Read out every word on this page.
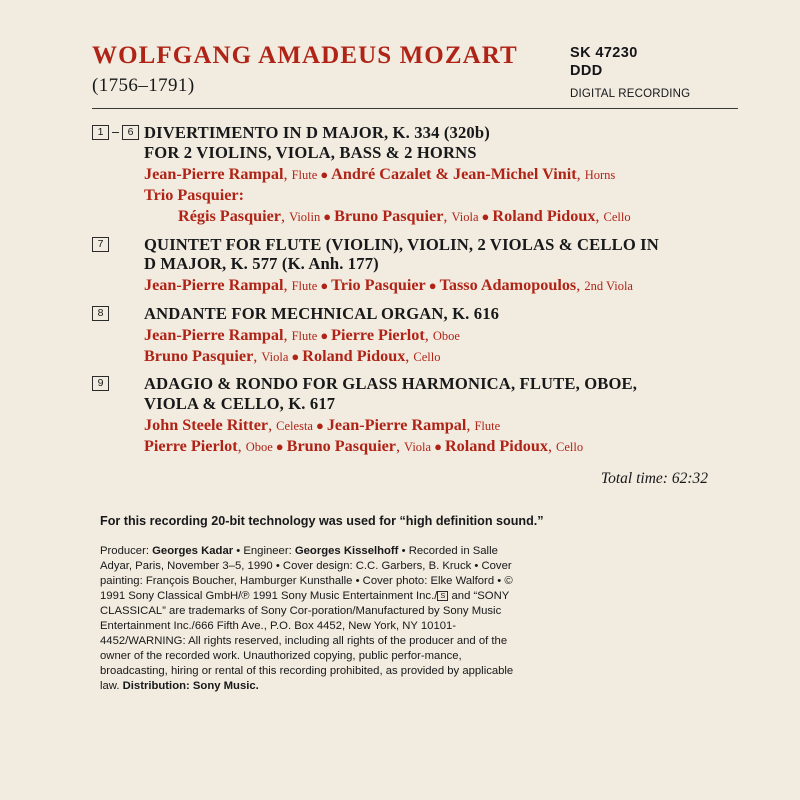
WOLFGANG AMADEUS MOZART
(1756–1791)
SK 47230
DDD
DIGITAL RECORDING
1	6 DIVERTIMENTO IN D MAJOR, K. 334 (320b)
FOR 2 VIOLINS, VIOLA, BASS & 2 HORNS
Jean-Pierre Rampal, Flute ● André Cazalet & Jean-Michel Vinit, Horns
Trio Pasquier:
Régis Pasquier, Violin ● Bruno Pasquier, Viola ● Roland Pidoux, Cello
7	QUINTET FOR FLUTE (VIOLIN), VIOLIN, 2 VIOLAS & CELLO IN
D MAJOR, K. 577 (K. Anh. 177)
Jean-Pierre Rampal, Flute ● Trio Pasquier ● Tasso Adamopoulos, 2nd Viola
8	ANDANTE FOR MECHNICAL ORGAN, K. 616
Jean-Pierre Rampal, Flute ● Pierre Pierlot, Oboe
Bruno Pasquier, Viola ● Roland Pidoux, Cello
9	ADAGIO & RONDO FOR GLASS HARMONICA, FLUTE, OBOE,
VIOLA & CELLO, K. 617
John Steele Ritter, Celesta ● Jean-Pierre Rampal, Flute
Pierre Pierlot, Oboe ● Bruno Pasquier, Viola ● Roland Pidoux, Cello
Total time: 62:32
For this recording 20-bit technology was used for “high definition sound.”
Producer: Georges Kadar • Engineer: Georges Kisselhoff • Recorded in Salle Adyar, Paris, November 3–5, 1990 • Cover design: C.C. Garbers, B. Kruck • Cover painting: François Boucher, Hamburger Kunsthalle • Cover photo: Elke Walford • © 1991 Sony Classical GmbH/℗ 1991 Sony Music Entertainment Inc./ S and “SONY CLASSICAL” are trademarks of Sony Cor-poration/Manufactured by Sony Music Entertainment Inc./666 Fifth Ave., P.O. Box 4452, New York, NY 10101-4452/WARNING: All rights reserved, including all rights of the producer and of the owner of the recorded work. Unauthorized copying, public perfor-mance, broadcasting, hiring or rental of this recording prohibited, as provided by applicable law. Distribution: Sony Music.
